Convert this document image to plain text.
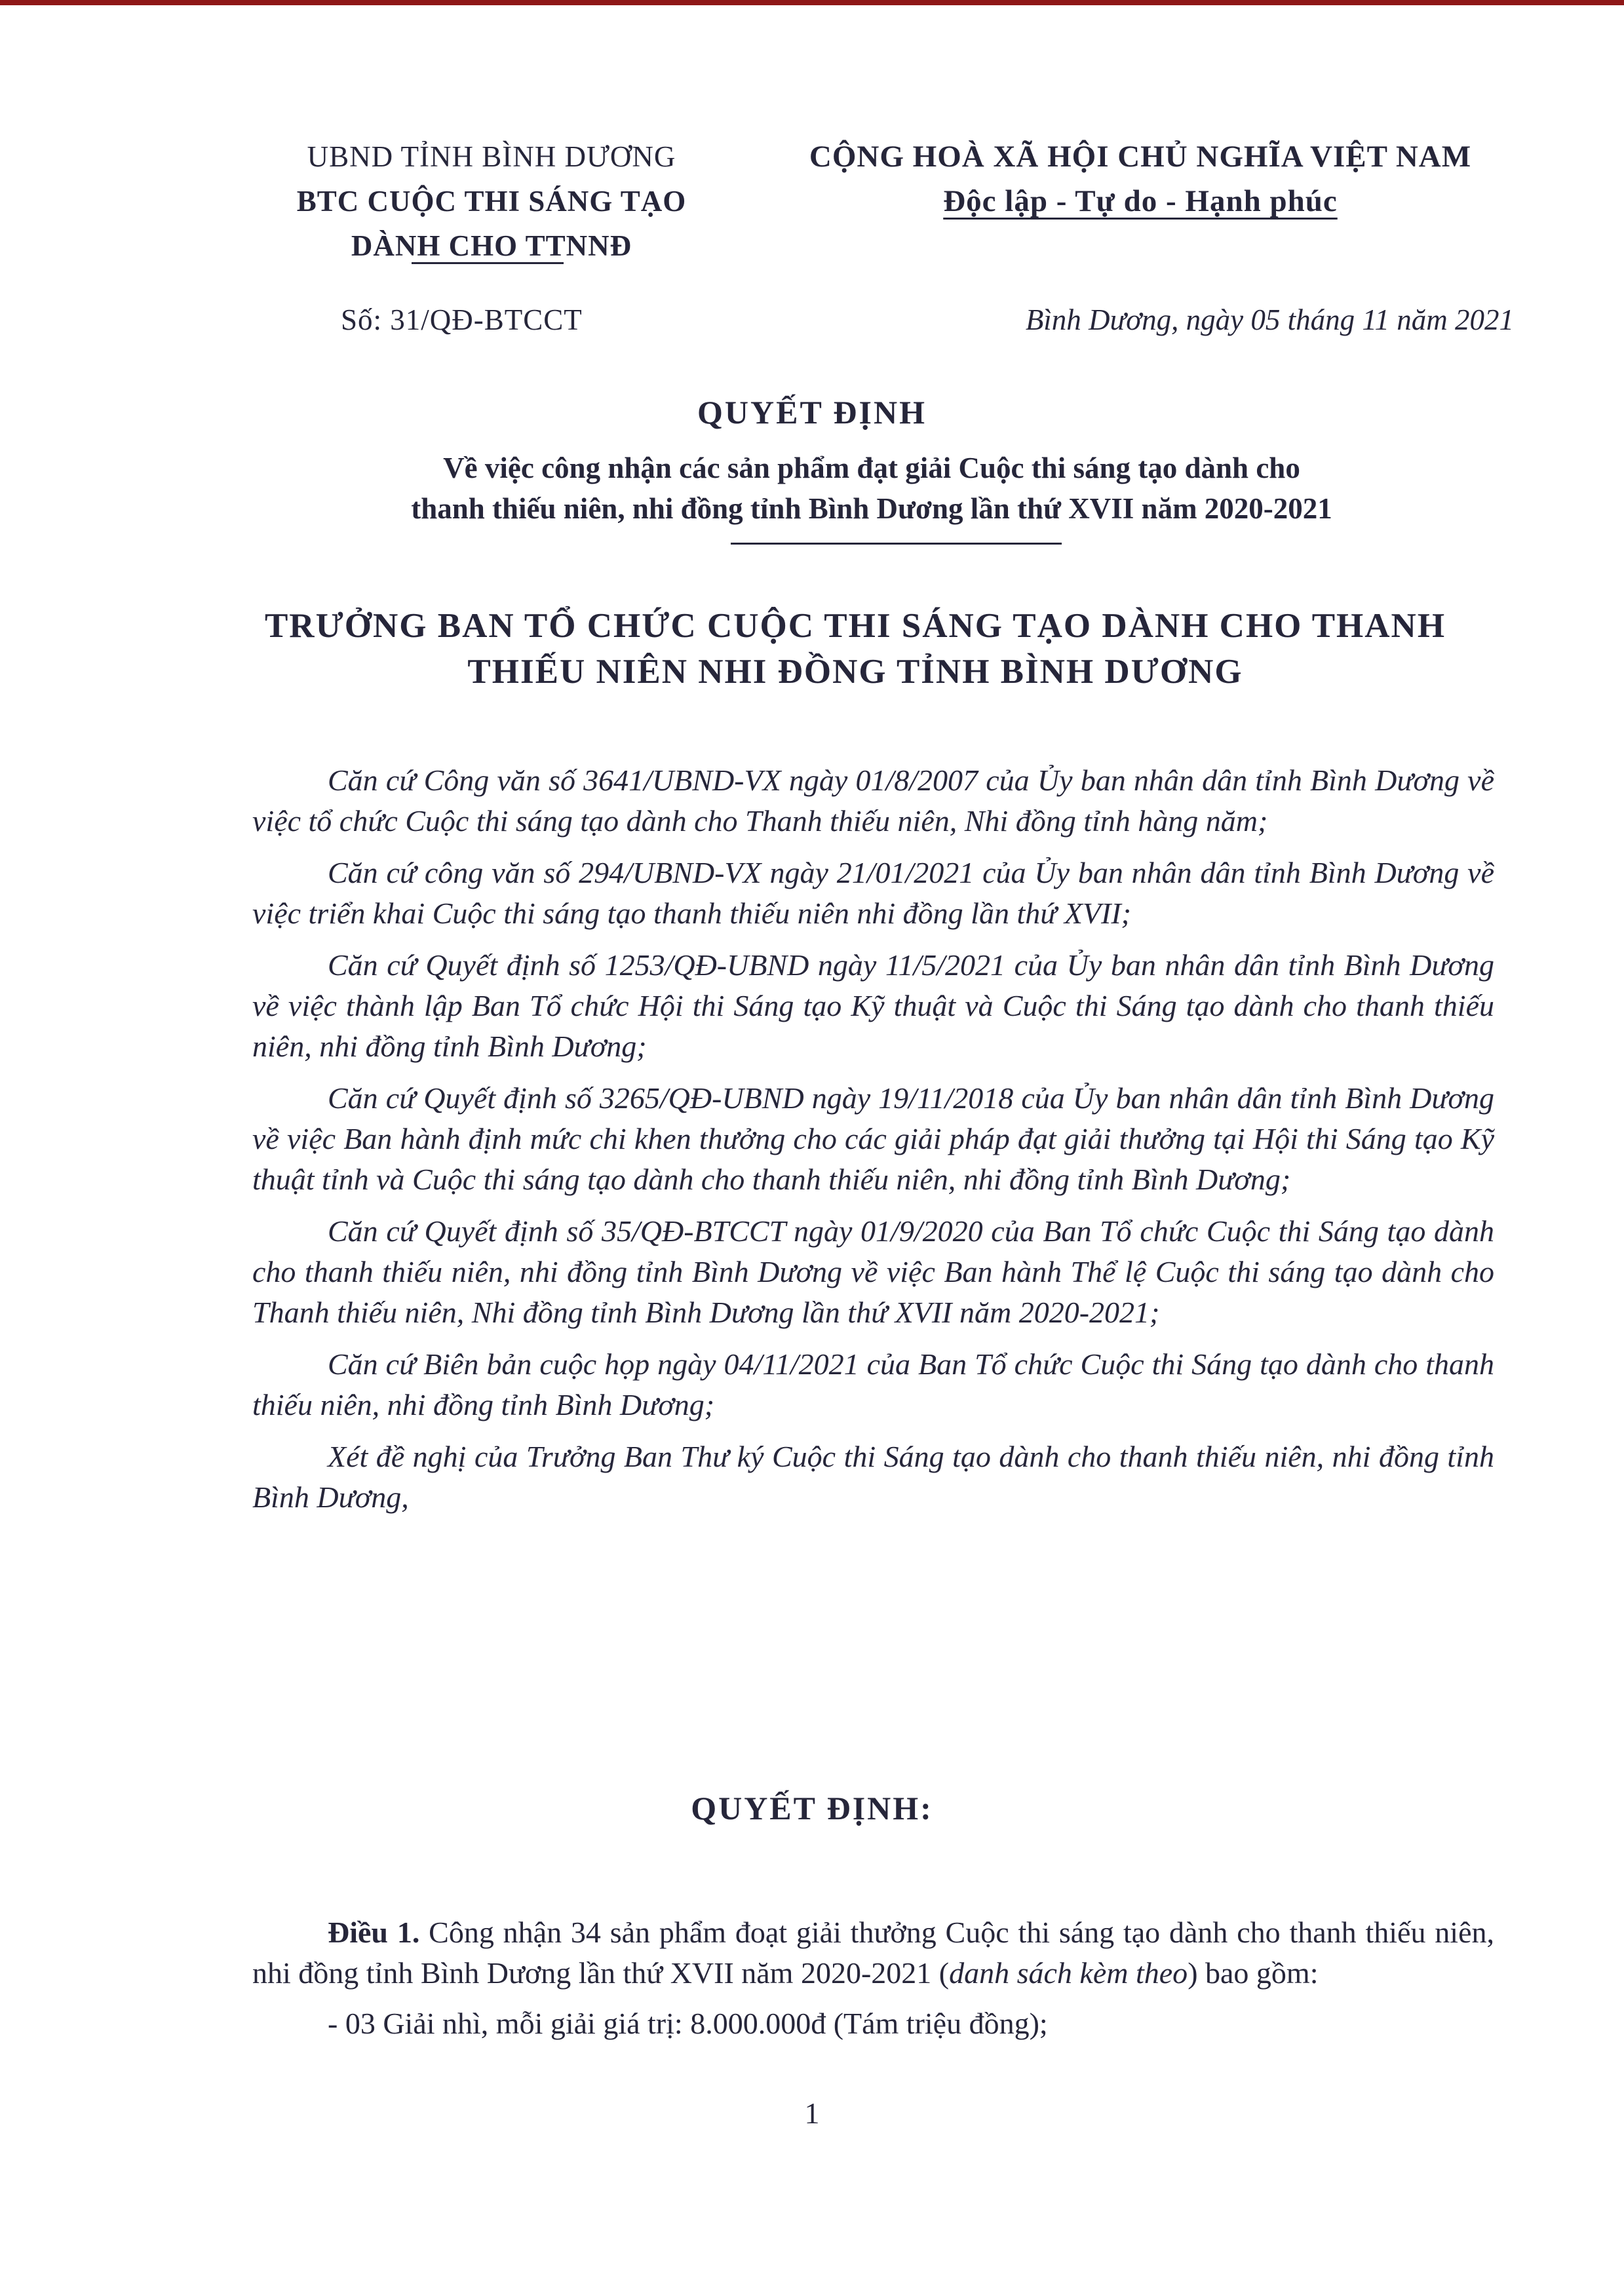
UBND TỈNH BÌNH DƯƠNG
BTC CUỘC THI SÁNG TẠO
DÀNH CHO TTNNĐ
CỘNG HOÀ XÃ HỘI CHỦ NGHĨA VIỆT NAM
Độc lập - Tự do - Hạnh phúc
Số: 31/QĐ-BTCCT	Bình Dương, ngày 05 tháng 11 năm 2021
QUYẾT ĐỊNH
Về việc công nhận các sản phẩm đạt giải Cuộc thi sáng tạo dành cho
thanh thiếu niên, nhi đồng tỉnh Bình Dương lần thứ XVII năm 2020-2021
TRƯỞNG BAN TỔ CHỨC CUỘC THI SÁNG TẠO DÀNH CHO THANH
THIẾU NIÊN NHI ĐỒNG TỈNH BÌNH DƯƠNG

Căn cứ Công văn số 3641/UBND-VX ngày 01/8/2007 của Ủy ban nhân dân tỉnh Bình Dương về việc tổ chức Cuộc thi sáng tạo dành cho Thanh thiếu niên, Nhi đồng tỉnh hàng năm;

Căn cứ công văn số 294/UBND-VX ngày 21/01/2021 của Ủy ban nhân dân tỉnh Bình Dương về việc triển khai Cuộc thi sáng tạo thanh thiếu niên nhi đồng lần thứ XVII;

Căn cứ Quyết định số 1253/QĐ-UBND ngày 11/5/2021 của Ủy ban nhân dân tỉnh Bình Dương về việc thành lập Ban Tổ chức Hội thi Sáng tạo Kỹ thuật và Cuộc thi Sáng tạo dành cho thanh thiếu niên, nhi đồng tỉnh Bình Dương;

Căn cứ Quyết định số 3265/QĐ-UBND ngày 19/11/2018 của Ủy ban nhân dân tỉnh Bình Dương về việc Ban hành định mức chi khen thưởng cho các giải pháp đạt giải thưởng tại Hội thi Sáng tạo Kỹ thuật tỉnh và Cuộc thi sáng tạo dành cho thanh thiếu niên, nhi đồng tỉnh Bình Dương;

Căn cứ Quyết định số 35/QĐ-BTCCT ngày 01/9/2020 của Ban Tổ chức Cuộc thi Sáng tạo dành cho thanh thiếu niên, nhi đồng tỉnh Bình Dương về việc Ban hành Thể lệ Cuộc thi sáng tạo dành cho Thanh thiếu niên, Nhi đồng tỉnh Bình Dương lần thứ XVII năm 2020-2021;

Căn cứ Biên bản cuộc họp ngày 04/11/2021 của Ban Tổ chức Cuộc thi Sáng tạo dành cho thanh thiếu niên, nhi đồng tỉnh Bình Dương;

Xét đề nghị của Trưởng Ban Thư ký Cuộc thi Sáng tạo dành cho thanh thiếu niên, nhi đồng tỉnh Bình Dương,

QUYẾT ĐỊNH:

Điều 1. Công nhận 34 sản phẩm đoạt giải thưởng Cuộc thi sáng tạo dành cho thanh thiếu niên, nhi đồng tỉnh Bình Dương lần thứ XVII năm 2020-2021 (danh sách kèm theo) bao gồm:

- 03 Giải nhì, mỗi giải giá trị: 8.000.000đ (Tám triệu đồng);

1
